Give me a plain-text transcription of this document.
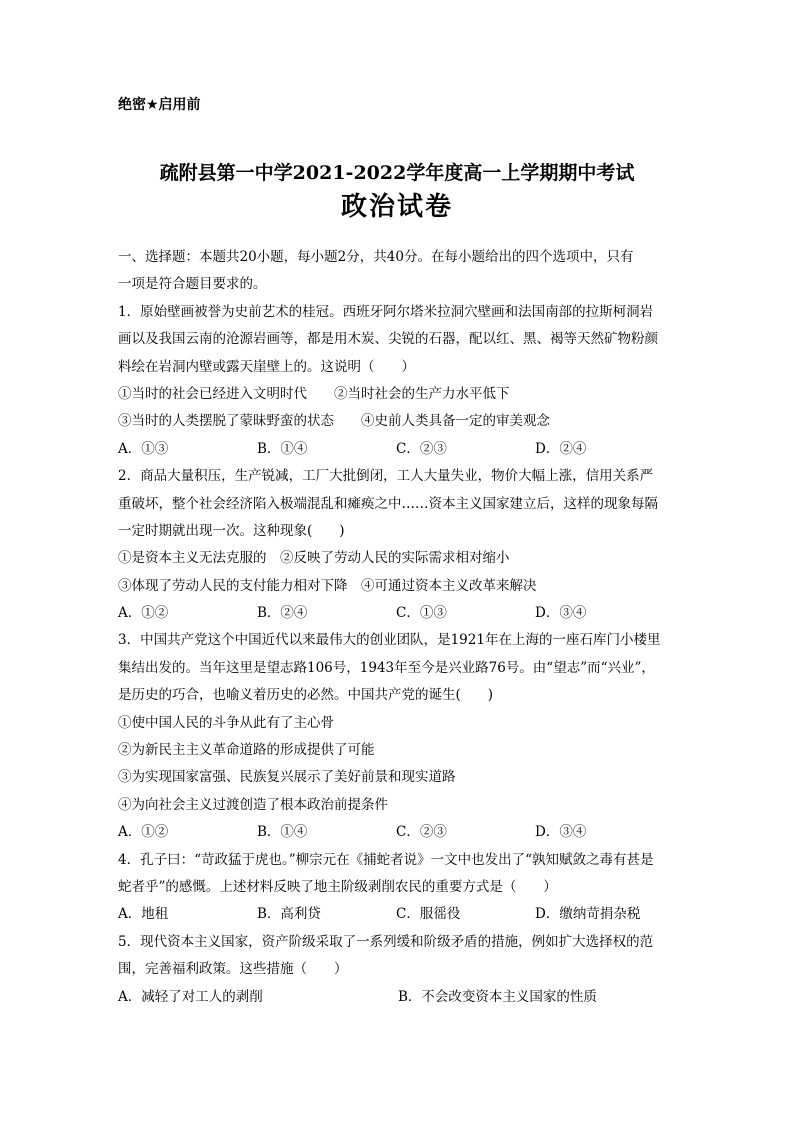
绝密★启用前
疏附县第一中学2021-2022学年度高一上学期期中考试
政治试卷
一、选择题：本题共20小题，每小题2分，共40分。在每小题给出的四个选项中，只有
一项是符合题目要求的。
1．原始壁画被誉为史前艺术的桂冠。西班牙阿尔塔米拉洞穴壁画和法国南部的拉斯柯洞岩
画以及我国云南的沧源岩画等，都是用木炭、尖锐的石器，配以红、黑、褐等天然矿物粉颜
料绘在岩洞内壁或露天崖壁上的。这说明（　　）
①当时的社会已经进入文明时代　　②当时社会的生产力水平低下
③当时的人类摆脱了蒙昧野蛮的状态　　④史前人类具备一定的审美观念
A．①③	B．①④	C．②③	D．②④
2．商品大量积压，生产锐减，工厂大批倒闭，工人大量失业，物价大幅上涨，信用关系严
重破坏，整个社会经济陷入极端混乱和瘫痪之中……资本主义国家建立后，这样的现象每隔
一定时期就出现一次。这种现象(　　)
①是资本主义无法克服的　②反映了劳动人民的实际需求相对缩小
③体现了劳动人民的支付能力相对下降　④可通过资本主义改革来解决
A．①②	B．②④	C．①③	D．③④
3．中国共产党这个中国近代以来最伟大的创业团队，是1921年在上海的一座石库门小楼里
集结出发的。当年这里是望志路106号，1943年至今是兴业路76号。由“望志”而“兴业”，
是历史的巧合，也喻义着历史的必然。中国共产党的诞生(　　)
①使中国人民的斗争从此有了主心骨
②为新民主主义革命道路的形成提供了可能
③为实现国家富强、民族复兴展示了美好前景和现实道路
④为向社会主义过渡创造了根本政治前提条件
A．①②	B．①④	C．②③	D．③④
4．孔子曰：“苛政猛于虎也。”柳宗元在《捕蛇者说》一文中也发出了“孰知赋敛之毒有甚是
蛇者乎”的感慨。上述材料反映了地主阶级剥削农民的重要方式是（　　）
A．地租	B．高利贷	C．服徭役	D．缴纳苛捐杂税
5．现代资本主义国家，资产阶级采取了一系列缓和阶级矛盾的措施，例如扩大选择权的范
围，完善福利政策。这些措施（　　）
A．减轻了对工人的剥削	B．不会改变资本主义国家的性质
